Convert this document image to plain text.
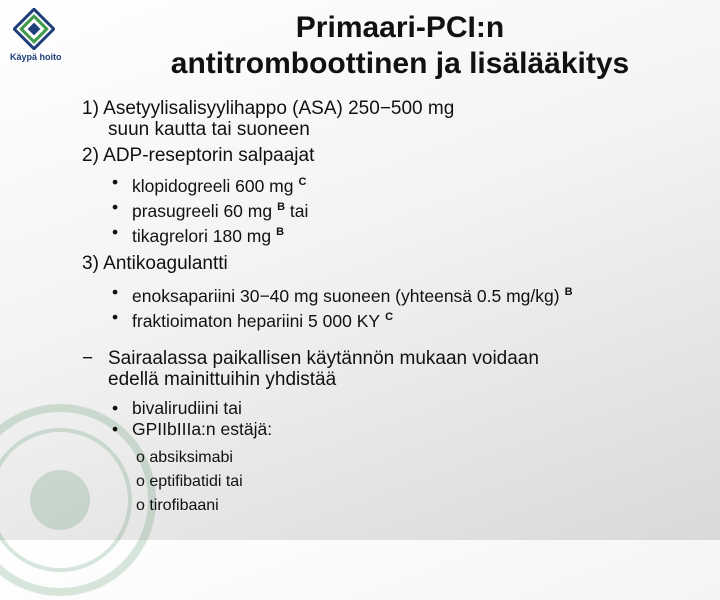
Käypä hoito
Primaari-PCI:n
antitromboottinen ja lisälääkitys
1) Asetyylisalisyylihappo (ASA) 250−500 mg
suun kautta tai suoneen
2) ADP-reseptorin salpaajat
• klopidogreeli 600 mg $^C$
• prasugreeli 60 mg $^B$ tai
• tikagrelori 180 mg $^B$
3) Antikoagulantti
• enoksapariini 30−40 mg suoneen (yhteensä 0.5 mg/kg) $^B$
• fraktioimaton hepariini 5 000 KY $^C$
− Sairaalassa paikallisen käytännön mukaan voidaan
edellä mainittuihin yhdistää
• bivalirudiini tai
• GPIIbIIIa:n estäjä:
o absiksimabi
o eptifibatidi tai
o tirofibaani
